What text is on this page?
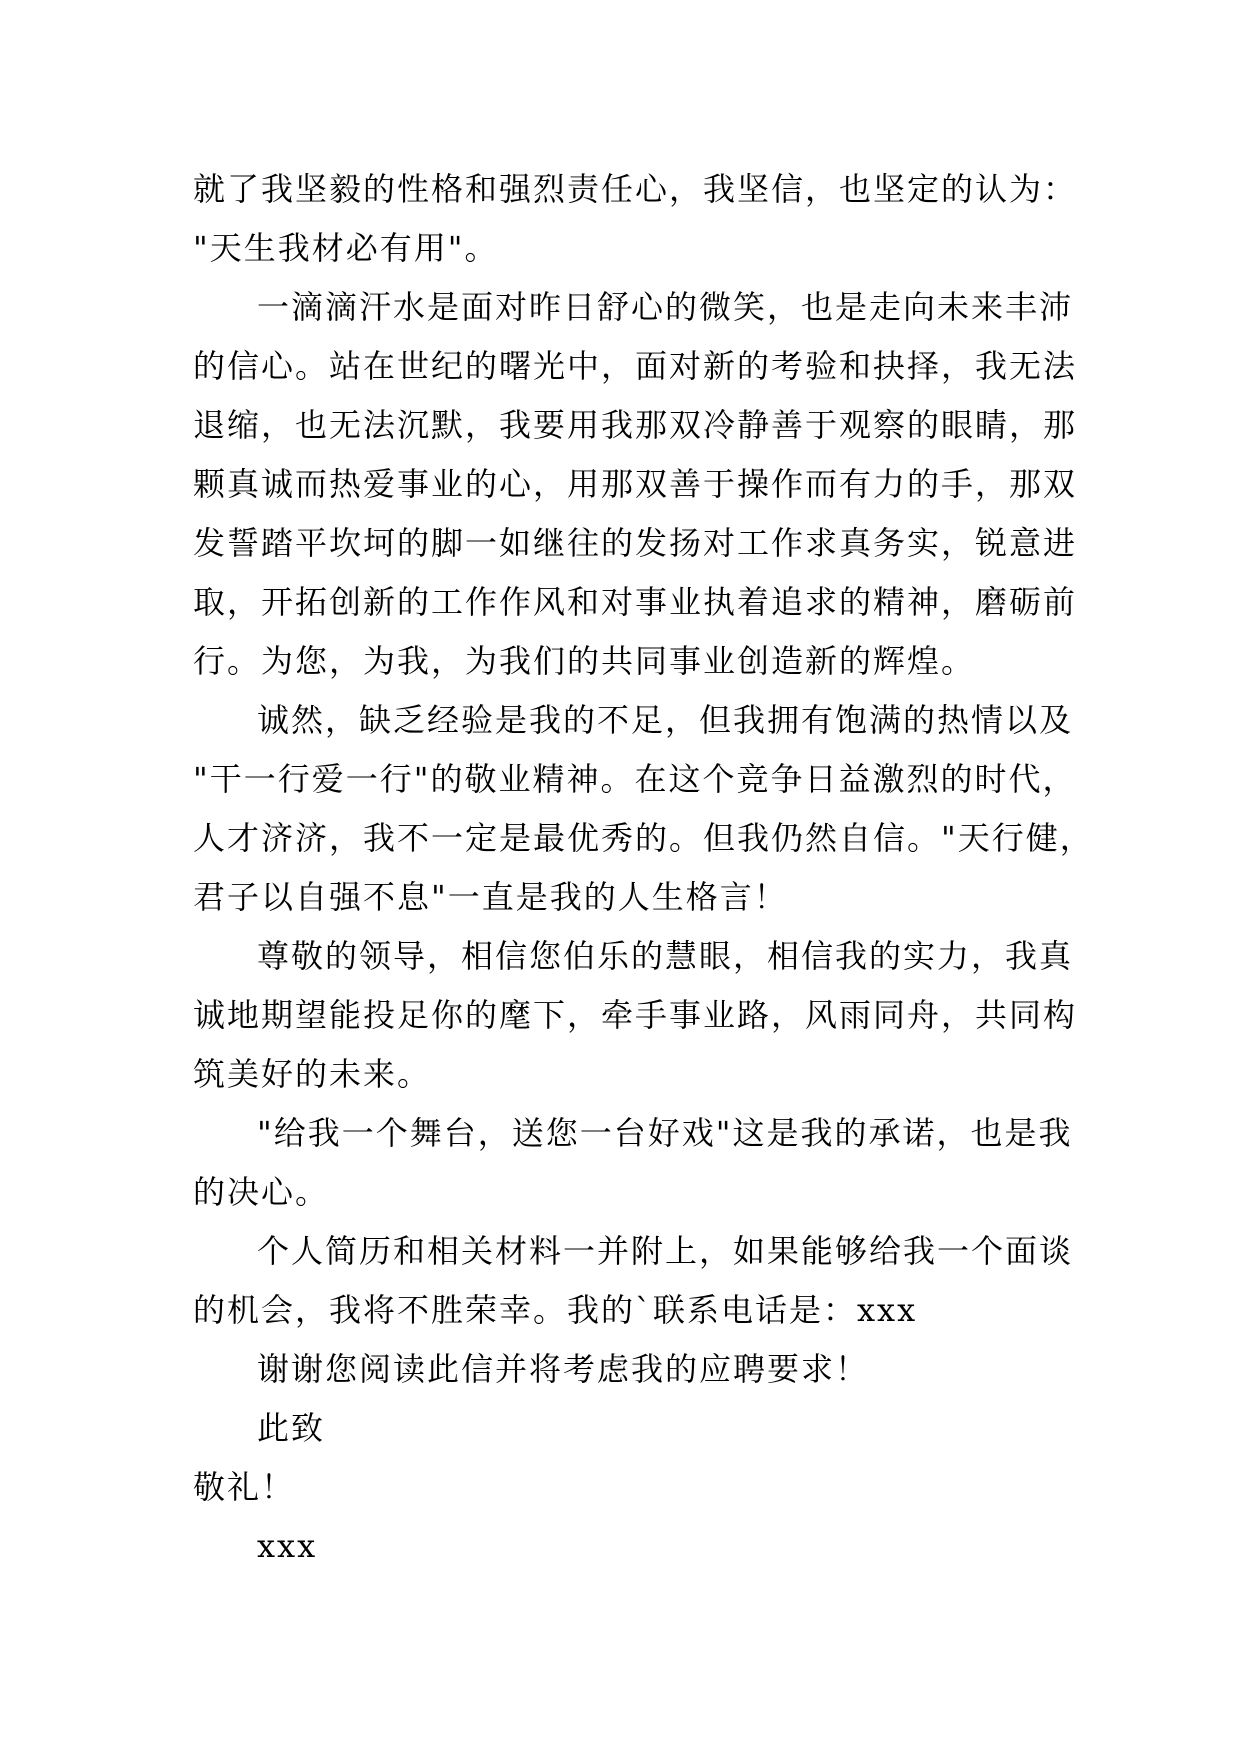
就了我坚毅的性格和强烈责任心，我坚信，也坚定的认为：
"天生我材必有用"。
一滴滴汗水是面对昨日舒心的微笑，也是走向未来丰沛
的信心。站在世纪的曙光中，面对新的考验和抉择，我无法
退缩，也无法沉默，我要用我那双冷静善于观察的眼睛，那
颗真诚而热爱事业的心，用那双善于操作而有力的手，那双
发誓踏平坎坷的脚一如继往的发扬对工作求真务实，锐意进
取，开拓创新的工作作风和对事业执着追求的精神，磨砺前
行。为您，为我，为我们的共同事业创造新的辉煌。
诚然，缺乏经验是我的不足，但我拥有饱满的热情以及
"干一行爱一行"的敬业精神。在这个竞争日益激烈的时代，
人才济济，我不一定是最优秀的。但我仍然自信。"天行健，
君子以自强不息"一直是我的人生格言！
尊敬的领导，相信您伯乐的慧眼，相信我的实力，我真
诚地期望能投足你的麾下，牵手事业路，风雨同舟，共同构
筑美好的未来。
"给我一个舞台，送您一台好戏"这是我的承诺，也是我
的决心。
个人简历和相关材料一并附上，如果能够给我一个面谈
的机会，我将不胜荣幸。我的`联系电话是：xxx
谢谢您阅读此信并将考虑我的应聘要求！
此致
敬礼！
xxx
